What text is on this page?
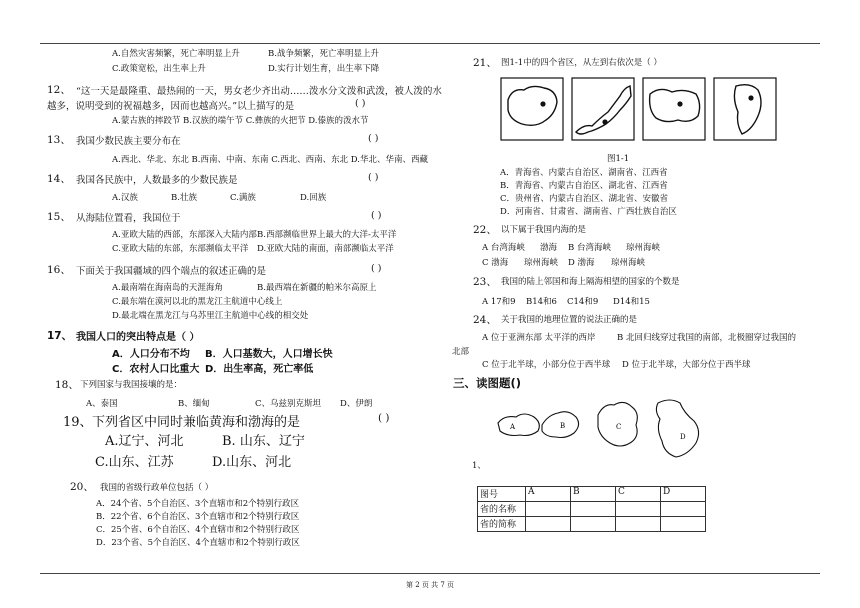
A.自然灾害频繁，死亡率明显上升	B.战争频繁，死亡率明显上升
C.政策宽松，出生率上升	D.实行计划生育，出生率下降
12、 “这一天是最隆重、最热闹的一天，男女老少齐出动……泼水分文泼和武泼，被人泼的水
越多，说明受到的祝福越多，因而也越高兴。”以上描写的是	( )
A.蒙古族的摔跤节 B.汉族的端午节 C.彝族的火把节 D.傣族的泼水节
13、 我国少数民族主要分布在	( )
A.西北、华北、东北 B.西南、中南、东南 C.西北、西南、东北 D.华北、华南、西藏
14、 我国各民族中，人数最多的少数民族是	( )
A.汉族	B.壮族	C.满族	D.回族
15、 从海陆位置看，我国位于	( )
A.亚欧大陆的西部，东部深入大陆内部 B.西部濒临世界上最大的大洋-太平洋
C.亚欧大陆的东部，东部濒临太平洋 D.亚欧大陆的南面，南部濒临太平洋
16、 下面关于我国疆域的四个端点的叙述正确的是	( )
A.最南端在海南岛的天涯海角	B.最西端在新疆的帕米尔高原上
C.最东端在漠河以北的黑龙江主航道中心线上
D.最北端在黑龙江与乌苏里江主航道中心线的相交处
17、 我国人口的突出特点是（ ）
A．人口分布不均 B．人口基数大，人口增长快
C．农村人口比重大 D．出生率高，死亡率低
18、 下列国家与我国接壤的是：
A、泰国	B、缅甸	C、乌兹别克斯坦 D、伊朗
19、 下列省区中同时兼临黄海和渤海的是	( )
A.辽宁、河北	B. 山东、辽宁
C.山东、江苏	D.山东、河北
20、 我国的省级行政单位包括（ ）
A．24个省、5个自治区、3个直辖市和2个特别行政区
B．22个省、6个自治区、3个直辖市和2个特别行政区
C．25个省、6个自治区、4个直辖市和2个特别行政区
D．23个省、5个自治区、4个直辖市和2个特别行政区
21、 图1-1中的四个省区，从左到右依次是（ ）
图1-1
A．青海省、内蒙古自治区、湖南省、江西省
B．青海省、内蒙古自治区、湖北省、江西省
C．贵州省、内蒙古自治区、湖北省、安徽省
D．河南省、甘肃省、湖南省、广西壮族自治区
22、 以下属于我国内海的是
A 台湾海峡 渤海 B 台湾海峡 琼州海峡
C 渤海 琼州海峡 D 渤海 琼州海峡
23、 我国的陆上邻国和海上隔海相望的国家的个数是
A 17和9 B14和6 C14和9 D14和15
24、 关于我国的地理位置的说法正确的是
A 位于亚洲东部 太平洋的西岸	B 北回归线穿过我国的南部，北极圈穿过我国的
北部
C 位于北半球，小部分位于西半球 D 位于北半球，大部分位于西半球
三、读图题()
A	B	C
D
1、
图号	A	B	C	D
省的名称				
省的简称				
第 2 页 共 7 页
